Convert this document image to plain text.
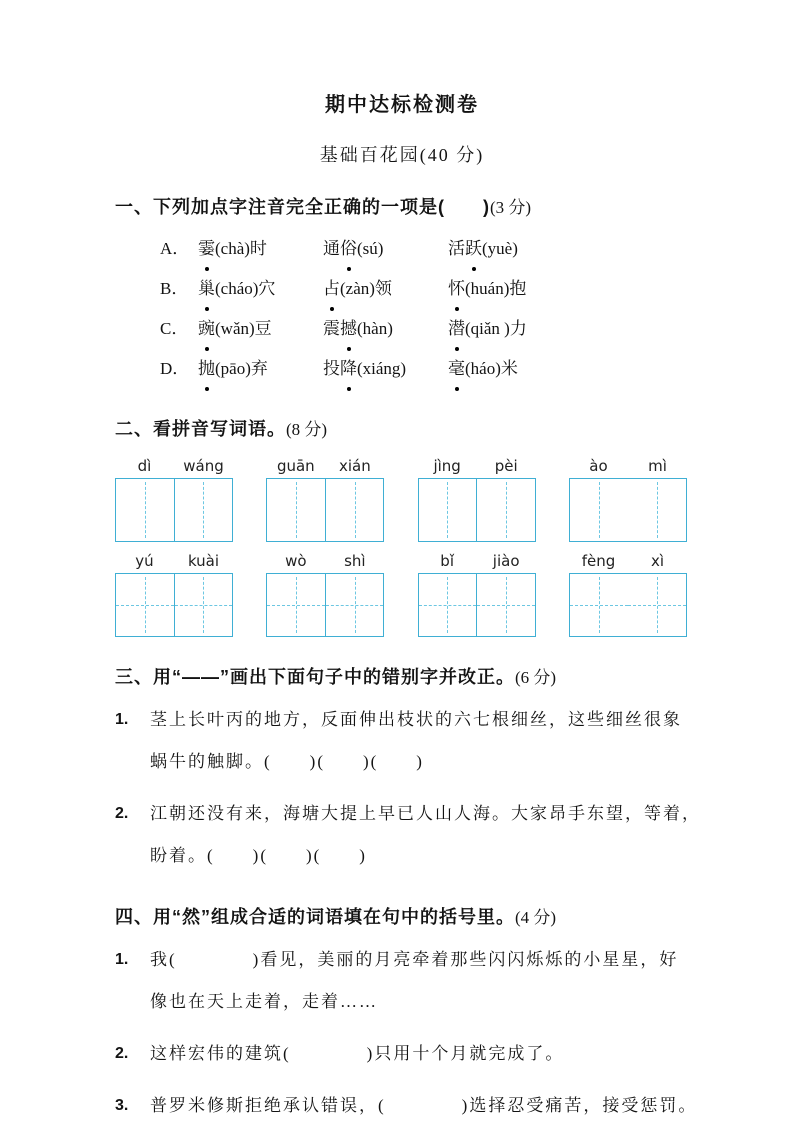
期中达标检测卷
基础百花园(40 分)
一、下列加点字注音完全正确的一项是(　　)(3 分)
A． 霎(chà)时	通俗(sú)	活跃(yuè)
B． 巢(cháo)穴	占(zàn)领	怀(huán)抱
C． 豌(wǎn)豆	震撼(hàn)	潜(qiǎn )力
D． 抛(pāo)弃	投降(xiáng) 毫(háo)米
二、看拼音写词语。(8 分)
dì	wáng	guān	xián	jìng	pèi	ào	mì
yú	kuài	wò	shì	bǐ	jiào	fèng	xì
三、用“——”画出下面句子中的错别字并改正。(6 分)
1.	茎上长叶丙的地方，反面伸出枝状的六七根细丝，这些细丝很象
蜗牛的触脚。(　　)(　　)(　　)
2.	江朝还没有来，海塘大提上早已人山人海。大家昂手东望，等着，
盼着。(　　)(　　)(　　)
四、用“然”组成合适的词语填在句中的括号里。(4 分)
1.	我(　　　　)看见，美丽的月亮牵着那些闪闪烁烁的小星星，好
像也在天上走着，走着……
2.	这样宏伟的建筑(　　　　)只用十个月就完成了。
3.	普罗米修斯拒绝承认错误，(　　　　)选择忍受痛苦，接受惩罚。
